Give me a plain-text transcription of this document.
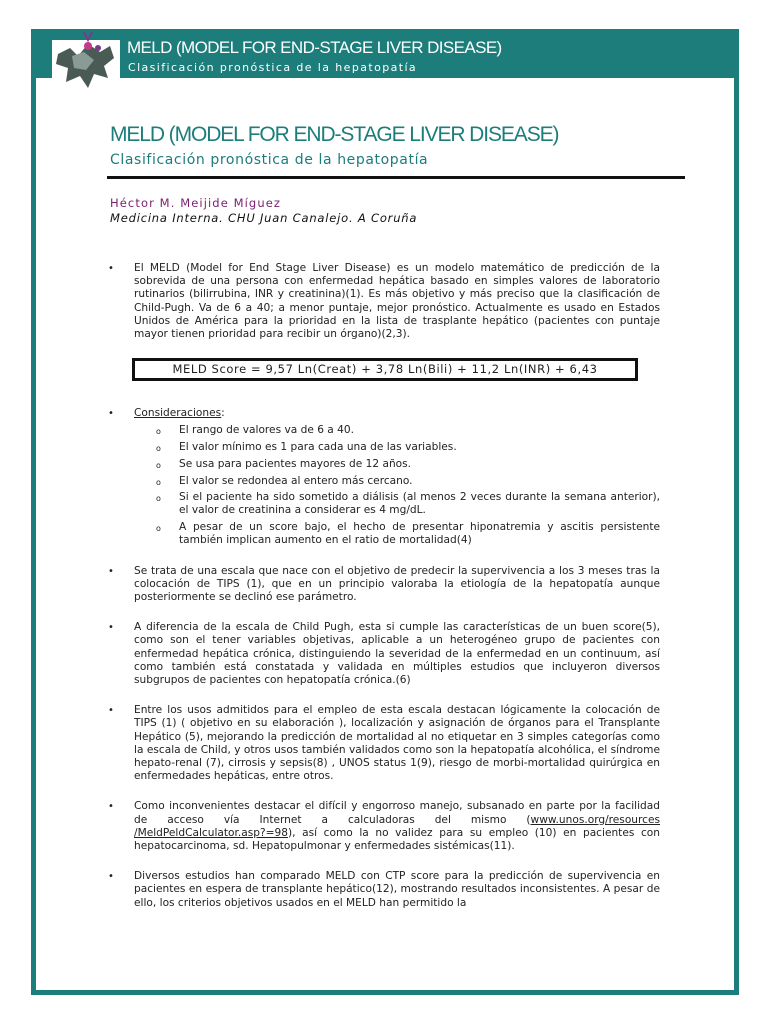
MELD (MODEL FOR END-STAGE LIVER DISEASE)
Clasificación pronóstica de la hepatopatía
MELD (MODEL FOR END-STAGE LIVER DISEASE)
Clasificación pronóstica de la hepatopatía
Héctor M. Meijide Míguez
Medicina Interna. CHU Juan Canalejo. A Coruña
• El MELD (Model for End Stage Liver Disease) es un modelo matemático de predicción de la sobrevida de una persona con enfermedad hepática basado en simples valores de laboratorio rutinarios (bilirrubina, INR y creatinina)(1). Es más objetivo y más preciso que la clasificación de Child-Pugh. Va de 6 a 40; a menor puntaje, mejor pronóstico. Actualmente es usado en Estados Unidos de América para la prioridad en la lista de trasplante hepático (pacientes con puntaje mayor tienen prioridad para recibir un órgano)(2,3).
MELD Score = 9,57 Ln(Creat) + 3,78 Ln(Bili) + 11,2 Ln(INR) + 6,43
• Consideraciones:
o El rango de valores va de 6 a 40.
o El valor mínimo es 1 para cada una de las variables.
o Se usa para pacientes mayores de 12 años.
o El valor se redondea al entero más cercano.
o Si el paciente ha sido sometido a diálisis (al menos 2 veces durante la semana anterior), el valor de creatinina a considerar es 4 mg/dL.
o A pesar de un score bajo, el hecho de presentar hiponatremia y ascitis persistente también implican aumento en el ratio de mortalidad(4)
• Se trata de una escala que nace con el objetivo de predecir la supervivencia a los 3 meses tras la colocación de TIPS (1), que en un principio valoraba la etiología de la hepatopatía aunque posteriormente se declinó ese parámetro.
• A diferencia de la escala de Child Pugh, esta si cumple las características de un buen score(5), como son el tener variables objetivas, aplicable a un heterogéneo grupo de pacientes con enfermedad hepática crónica, distinguiendo la severidad de la enfermedad en un continuum, así como también está constatada y validada en múltiples estudios que incluyeron diversos subgrupos de pacientes con hepatopatía crónica.(6)
• Entre los usos admitidos para el empleo de esta escala destacan lógicamente la colocación de TIPS (1) ( objetivo en su elaboración ), localización y asignación de órganos para el Transplante Hepático (5), mejorando la predicción de mortalidad al no etiquetar en 3 simples categorías como la escala de Child, y otros usos también validados como son la hepatopatía alcohólica, el síndrome hepato-renal (7), cirrosis y sepsis(8) , UNOS status 1(9), riesgo de morbi-mortalidad quirúrgica en enfermedades hepáticas, entre otros.
• Como inconvenientes destacar el difícil y engorroso manejo, subsanado en parte por la facilidad de acceso vía Internet a calculadoras del mismo (www.unos.org/resources /MeldPeldCalculator.asp?=98), así como la no validez para su empleo (10) en pacientes con hepatocarcinoma, sd. Hepatopulmonar y enfermedades sistémicas(11).
• Diversos estudios han comparado MELD con CTP score para la predicción de supervivencia en pacientes en espera de transplante hepático(12), mostrando resultados inconsistentes. A pesar de ello, los criterios objetivos usados en el MELD han permitido la
